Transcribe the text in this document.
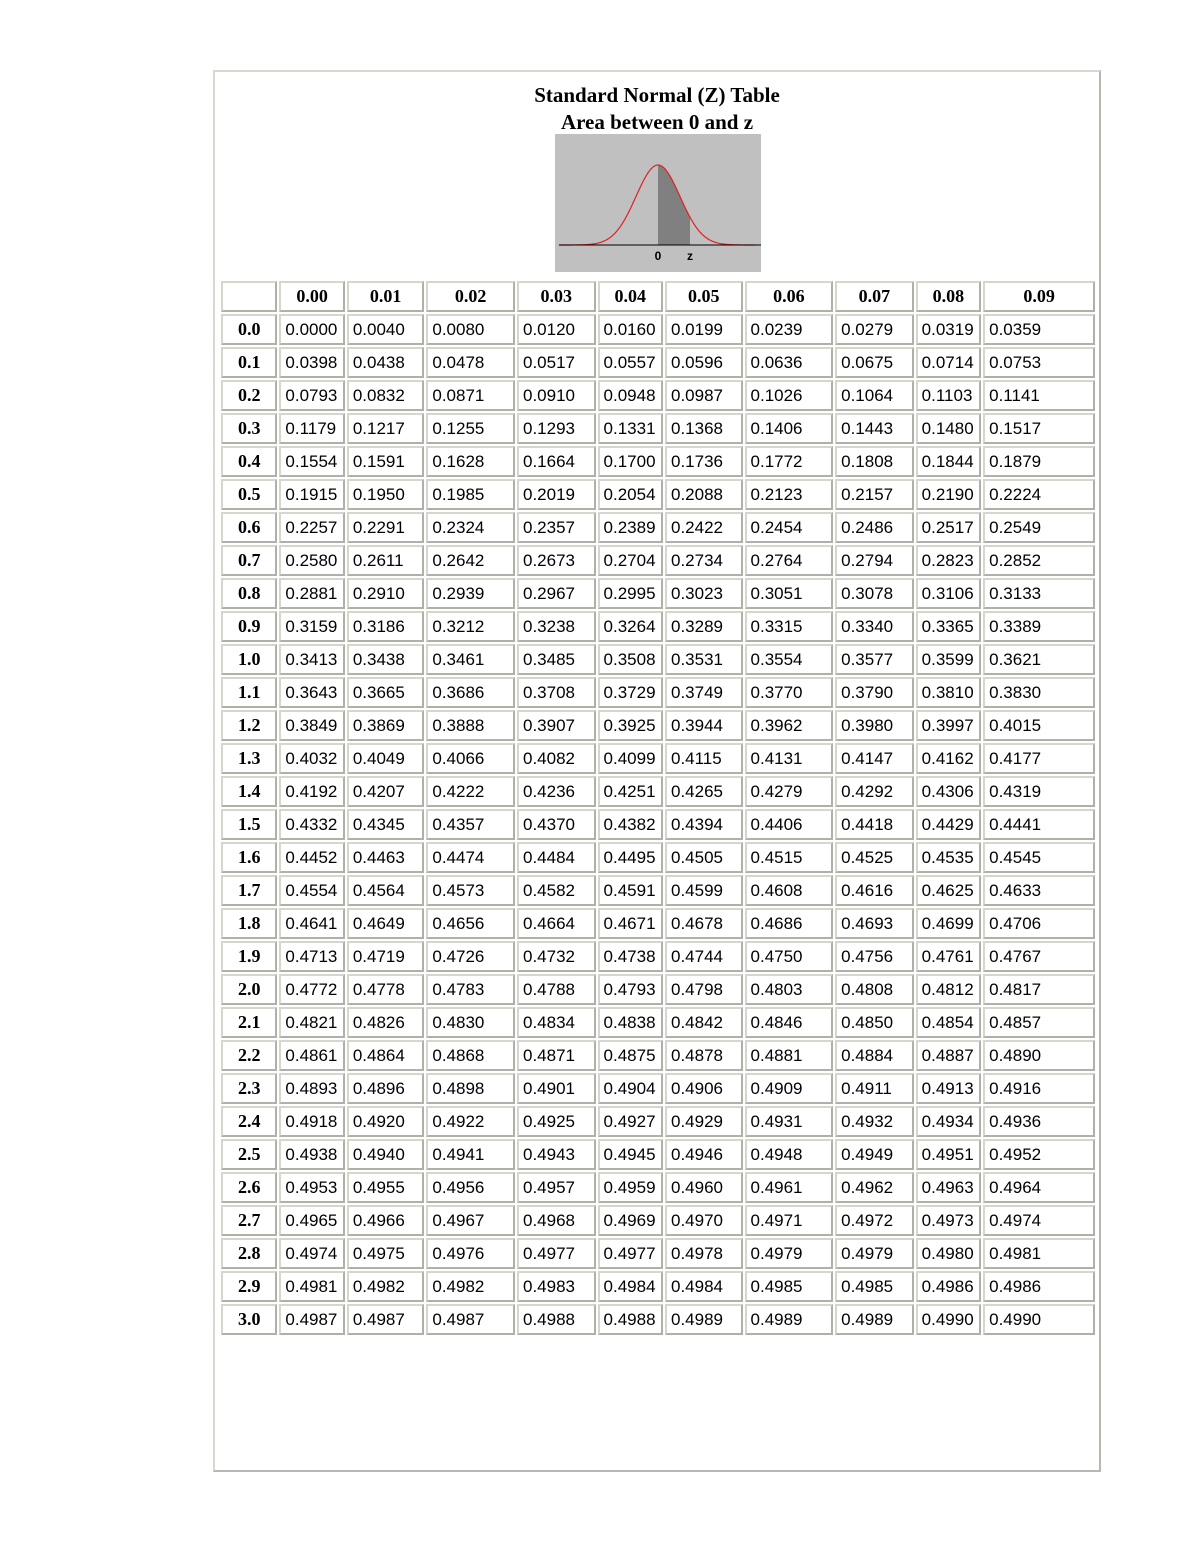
Standard Normal (Z) Table
Area between 0 and z
0 z
	0.00	0.01	0.02	0.03	0.04	0.05	0.06	0.07	0.08	0.09
0.0	0.0000	0.0040	0.0080	0.0120	0.0160	0.0199	0.0239	0.0279	0.0319	0.0359
0.1	0.0398	0.0438	0.0478	0.0517	0.0557	0.0596	0.0636	0.0675	0.0714	0.0753
0.2	0.0793	0.0832	0.0871	0.0910	0.0948	0.0987	0.1026	0.1064	0.1103	0.1141
0.3	0.1179	0.1217	0.1255	0.1293	0.1331	0.1368	0.1406	0.1443	0.1480	0.1517
0.4	0.1554	0.1591	0.1628	0.1664	0.1700	0.1736	0.1772	0.1808	0.1844	0.1879
0.5	0.1915	0.1950	0.1985	0.2019	0.2054	0.2088	0.2123	0.2157	0.2190	0.2224
0.6	0.2257	0.2291	0.2324	0.2357	0.2389	0.2422	0.2454	0.2486	0.2517	0.2549
0.7	0.2580	0.2611	0.2642	0.2673	0.2704	0.2734	0.2764	0.2794	0.2823	0.2852
0.8	0.2881	0.2910	0.2939	0.2967	0.2995	0.3023	0.3051	0.3078	0.3106	0.3133
0.9	0.3159	0.3186	0.3212	0.3238	0.3264	0.3289	0.3315	0.3340	0.3365	0.3389
1.0	0.3413	0.3438	0.3461	0.3485	0.3508	0.3531	0.3554	0.3577	0.3599	0.3621
1.1	0.3643	0.3665	0.3686	0.3708	0.3729	0.3749	0.3770	0.3790	0.3810	0.3830
1.2	0.3849	0.3869	0.3888	0.3907	0.3925	0.3944	0.3962	0.3980	0.3997	0.4015
1.3	0.4032	0.4049	0.4066	0.4082	0.4099	0.4115	0.4131	0.4147	0.4162	0.4177
1.4	0.4192	0.4207	0.4222	0.4236	0.4251	0.4265	0.4279	0.4292	0.4306	0.4319
1.5	0.4332	0.4345	0.4357	0.4370	0.4382	0.4394	0.4406	0.4418	0.4429	0.4441
1.6	0.4452	0.4463	0.4474	0.4484	0.4495	0.4505	0.4515	0.4525	0.4535	0.4545
1.7	0.4554	0.4564	0.4573	0.4582	0.4591	0.4599	0.4608	0.4616	0.4625	0.4633
1.8	0.4641	0.4649	0.4656	0.4664	0.4671	0.4678	0.4686	0.4693	0.4699	0.4706
1.9	0.4713	0.4719	0.4726	0.4732	0.4738	0.4744	0.4750	0.4756	0.4761	0.4767
2.0	0.4772	0.4778	0.4783	0.4788	0.4793	0.4798	0.4803	0.4808	0.4812	0.4817
2.1	0.4821	0.4826	0.4830	0.4834	0.4838	0.4842	0.4846	0.4850	0.4854	0.4857
2.2	0.4861	0.4864	0.4868	0.4871	0.4875	0.4878	0.4881	0.4884	0.4887	0.4890
2.3	0.4893	0.4896	0.4898	0.4901	0.4904	0.4906	0.4909	0.4911	0.4913	0.4916
2.4	0.4918	0.4920	0.4922	0.4925	0.4927	0.4929	0.4931	0.4932	0.4934	0.4936
2.5	0.4938	0.4940	0.4941	0.4943	0.4945	0.4946	0.4948	0.4949	0.4951	0.4952
2.6	0.4953	0.4955	0.4956	0.4957	0.4959	0.4960	0.4961	0.4962	0.4963	0.4964
2.7	0.4965	0.4966	0.4967	0.4968	0.4969	0.4970	0.4971	0.4972	0.4973	0.4974
2.8	0.4974	0.4975	0.4976	0.4977	0.4977	0.4978	0.4979	0.4979	0.4980	0.4981
2.9	0.4981	0.4982	0.4982	0.4983	0.4984	0.4984	0.4985	0.4985	0.4986	0.4986
3.0	0.4987	0.4987	0.4987	0.4988	0.4988	0.4989	0.4989	0.4989	0.4990	0.4990
